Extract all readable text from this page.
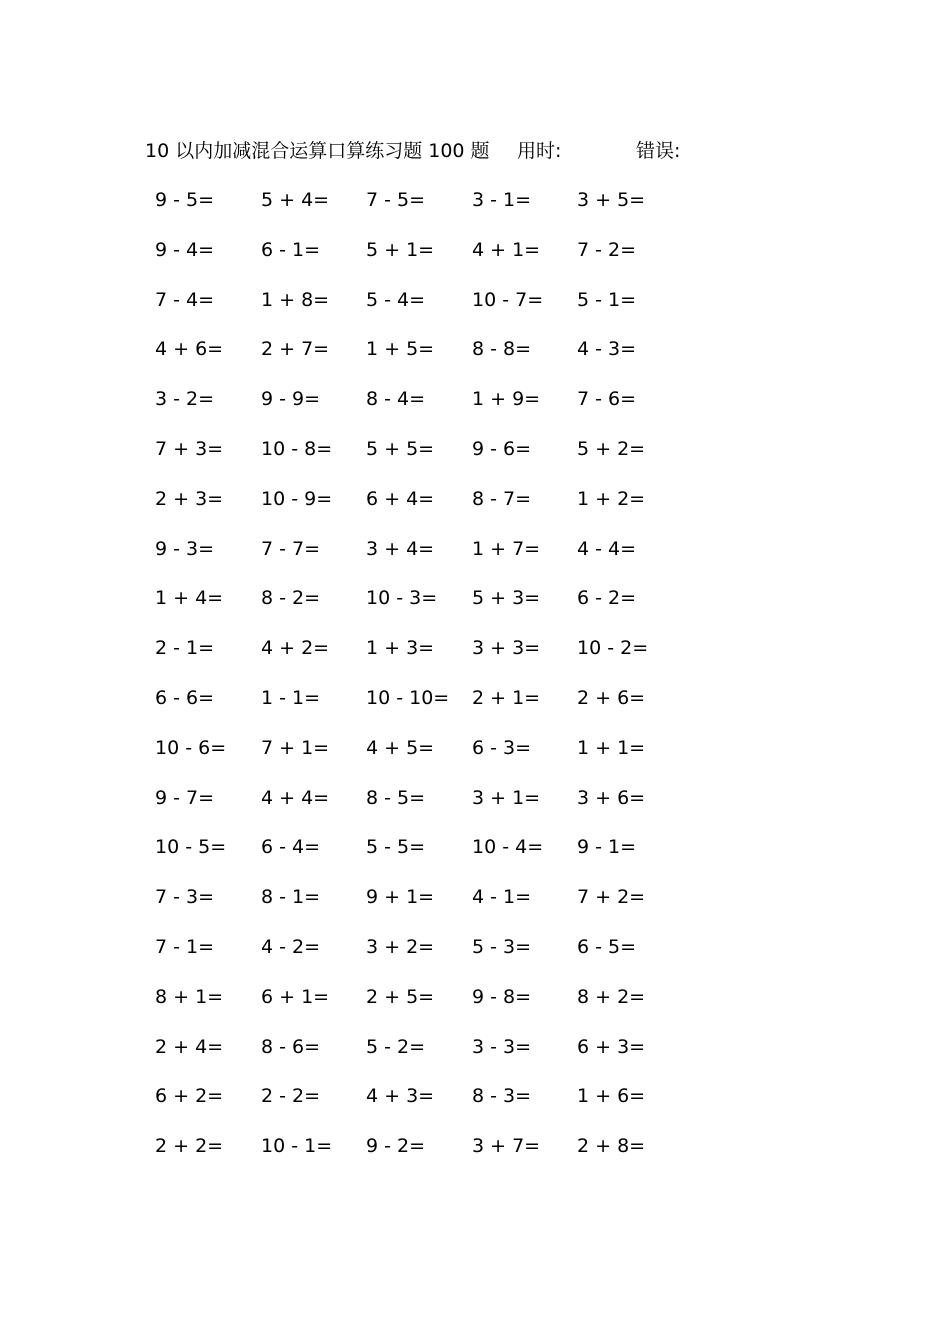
10 以内加减混合运算口算练习题 100 题 用时:	错误:
9 - 5= 5 + 4= 7 - 5= 3 - 1= 3 + 5=
9 - 4= 6 - 1= 5 + 1= 4 + 1= 7 - 2=
7 - 4= 1 + 8= 5 - 4= 10 - 7= 5 - 1=
4 + 6= 2 + 7= 1 + 5= 8 - 8= 4 - 3=
3 - 2= 9 - 9= 8 - 4= 1 + 9= 7 - 6=
7 + 3= 10 - 8= 5 + 5= 9 - 6= 5 + 2=
2 + 3= 10 - 9= 6 + 4= 8 - 7= 1 + 2=
9 - 3= 7 - 7= 3 + 4= 1 + 7= 4 - 4=
1 + 4= 8 - 2= 10 - 3= 5 + 3= 6 - 2=
2 - 1= 4 + 2= 1 + 3= 3 + 3= 10 - 2=
6 - 6= 1 - 1= 10 - 10= 2 + 1= 2 + 6=
10 - 6= 7 + 1= 4 + 5= 6 - 3= 1 + 1=
9 - 7= 4 + 4= 8 - 5= 3 + 1= 3 + 6=
10 - 5= 6 - 4= 5 - 5= 10 - 4= 9 - 1=
7 - 3= 8 - 1= 9 + 1= 4 - 1= 7 + 2=
7 - 1= 4 - 2= 3 + 2= 5 - 3= 6 - 5=
8 + 1= 6 + 1= 2 + 5= 9 - 8= 8 + 2=
2 + 4= 8 - 6= 5 - 2= 3 - 3= 6 + 3=
6 + 2= 2 - 2= 4 + 3= 8 - 3= 1 + 6=
2 + 2= 10 - 1= 9 - 2= 3 + 7= 2 + 8=
